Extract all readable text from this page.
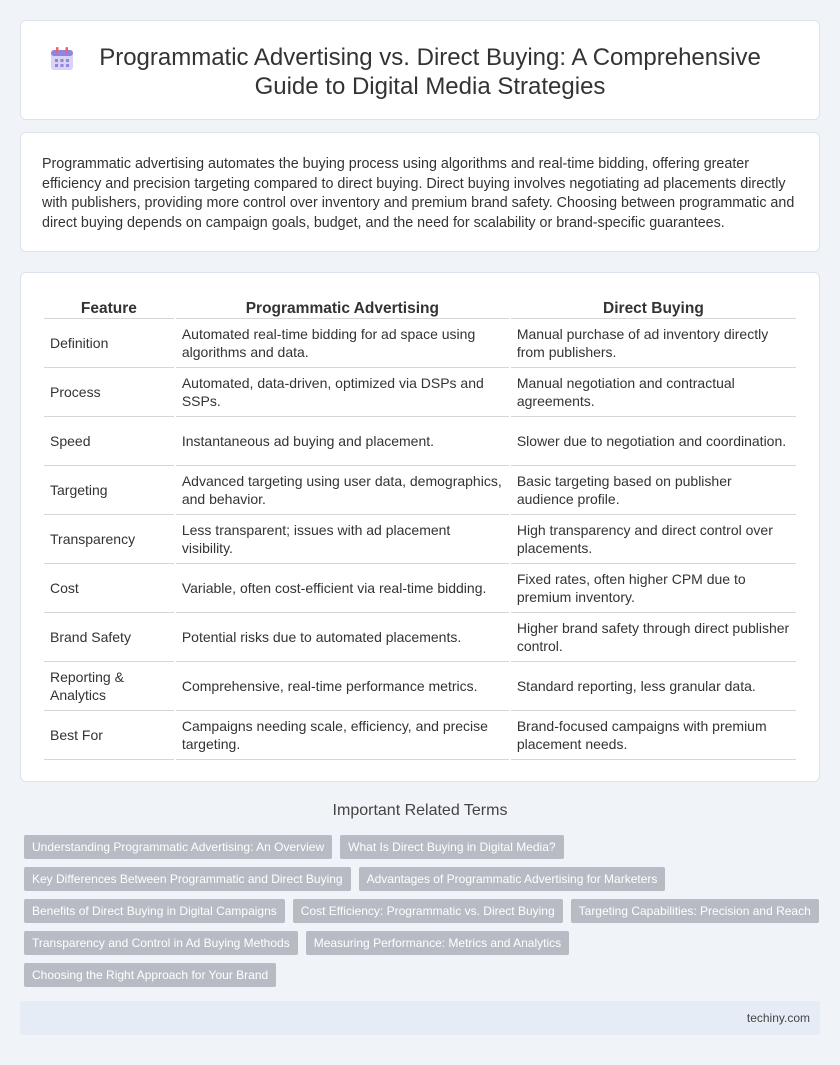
Programmatic Advertising vs. Direct Buying: A Comprehensive Guide to Digital Media Strategies

Programmatic advertising automates the buying process using algorithms and real-time bidding, offering greater efficiency and precision targeting compared to direct buying. Direct buying involves negotiating ad placements directly with publishers, providing more control over inventory and premium brand safety. Choosing between programmatic and direct buying depends on campaign goals, budget, and the need for scalability or brand-specific guarantees.

Feature	Programmatic Advertising	Direct Buying
Definition	Automated real-time bidding for ad space using algorithms and data.	Manual purchase of ad inventory directly from publishers.
Process	Automated, data-driven, optimized via DSPs and SSPs.	Manual negotiation and contractual agreements.
Speed	Instantaneous ad buying and placement.	Slower due to negotiation and coordination.
Targeting	Advanced targeting using user data, demographics, and behavior.	Basic targeting based on publisher audience profile.
Transparency	Less transparent; issues with ad placement visibility.	High transparency and direct control over placements.
Cost	Variable, often cost-efficient via real-time bidding.	Fixed rates, often higher CPM due to premium inventory.
Brand Safety	Potential risks due to automated placements.	Higher brand safety through direct publisher control.
Reporting & Analytics	Comprehensive, real-time performance metrics.	Standard reporting, less granular data.
Best For	Campaigns needing scale, efficiency, and precise targeting.	Brand-focused campaigns with premium placement needs.
Important Related Terms
Understanding Programmatic Advertising: An Overview	What Is Direct Buying in Digital Media?
Key Differences Between Programmatic and Direct Buying	Advantages of Programmatic Advertising for Marketers
Benefits of Direct Buying in Digital Campaigns	Cost Efficiency: Programmatic vs. Direct Buying	Targeting Capabilities: Precision and Reach
Transparency and Control in Ad Buying Methods	Measuring Performance: Metrics and Analytics
Choosing the Right Approach for Your Brand
techiny.com
